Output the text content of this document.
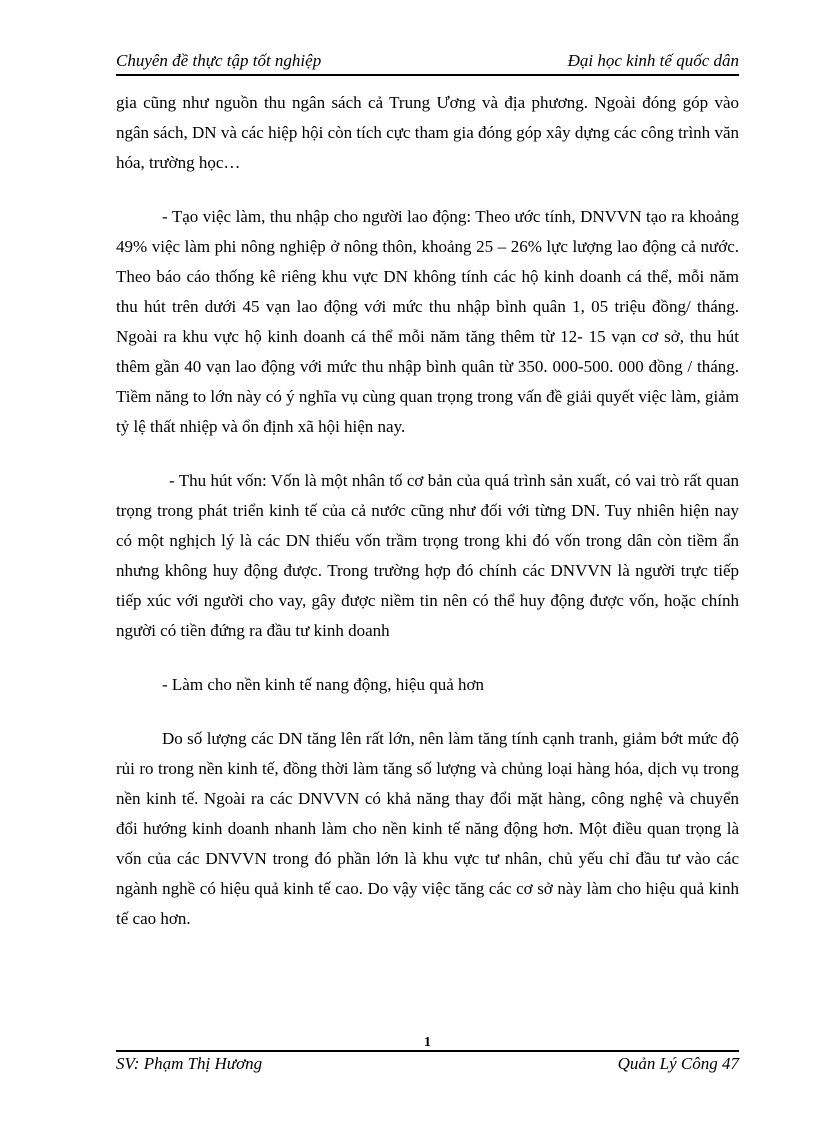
Chuyên đề thực tập tốt nghiệp	Đại học kinh tế quốc dân

gia cũng như nguồn thu ngân sách cả Trung Ương và địa phương. Ngoài đóng góp vào ngân sách, DN và các hiệp hội còn tích cực tham gia đóng góp xây dựng các công trình văn hóa, trường học…

- Tạo việc làm, thu nhập cho người lao động: Theo ước tính, DNVVN tạo ra khoảng 49% việc làm phi nông nghiệp ở nông thôn, khoảng 25 – 26% lực lượng lao động cả nước. Theo báo cáo thống kê riêng khu vực DN không tính các hộ kinh doanh cá thể, mỗi năm thu hút trên dưới 45 vạn lao động với mức thu nhập bình quân 1, 05 triệu đồng/ tháng. Ngoài ra khu vực hộ kinh doanh cá thể mỗi năm tăng thêm từ 12- 15 vạn cơ sở, thu hút thêm gần 40 vạn lao động với mức thu nhập bình quân từ 350. 000-500. 000 đồng / tháng. Tiềm năng to lớn này có ý nghĩa vụ cùng quan trọng trong vấn đề giải quyết việc làm, giảm tỷ lệ thất nhiệp và ổn định xã hội hiện nay.

- Thu hút vốn: Vốn là một nhân tố cơ bản của quá trình sản xuất, có vai trò rất quan trọng trong phát triển kinh tế của cả nước cũng như đối với từng DN. Tuy nhiên hiện nay có một nghịch lý là các DN thiếu vốn trầm trọng trong khi đó vốn trong dân còn tiềm ẩn nhưng không huy động được. Trong trường hợp đó chính các DNVVN là người trực tiếp tiếp xúc với người cho vay, gây được niềm tin nên có thể huy động được vốn, hoặc chính người có tiền đứng ra đầu tư kinh doanh

- Làm cho nền kinh tế nang động, hiệu quả hơn

Do số lượng các DN tăng lên rất lớn, nên làm tăng tính cạnh tranh, giảm bớt mức độ rủi ro trong nền kinh tế, đồng thời làm tăng số lượng và chủng loại hàng hóa, dịch vụ trong nền kinh tế. Ngoài ra các DNVVN có khả năng thay đổi mặt hàng, công nghệ và chuyển đổi hướng kinh doanh nhanh làm cho nền kinh tế năng động hơn. Một điều quan trọng là vốn của các DNVVN trong đó phần lớn là khu vực tư nhân, chủ yếu chỉ đầu tư vào các ngành nghề có hiệu quả kinh tế cao. Do vậy việc tăng các cơ sở này làm cho hiệu quả kinh tế cao hơn.

1
SV: Phạm Thị Hương	Quản Lý Công 47
